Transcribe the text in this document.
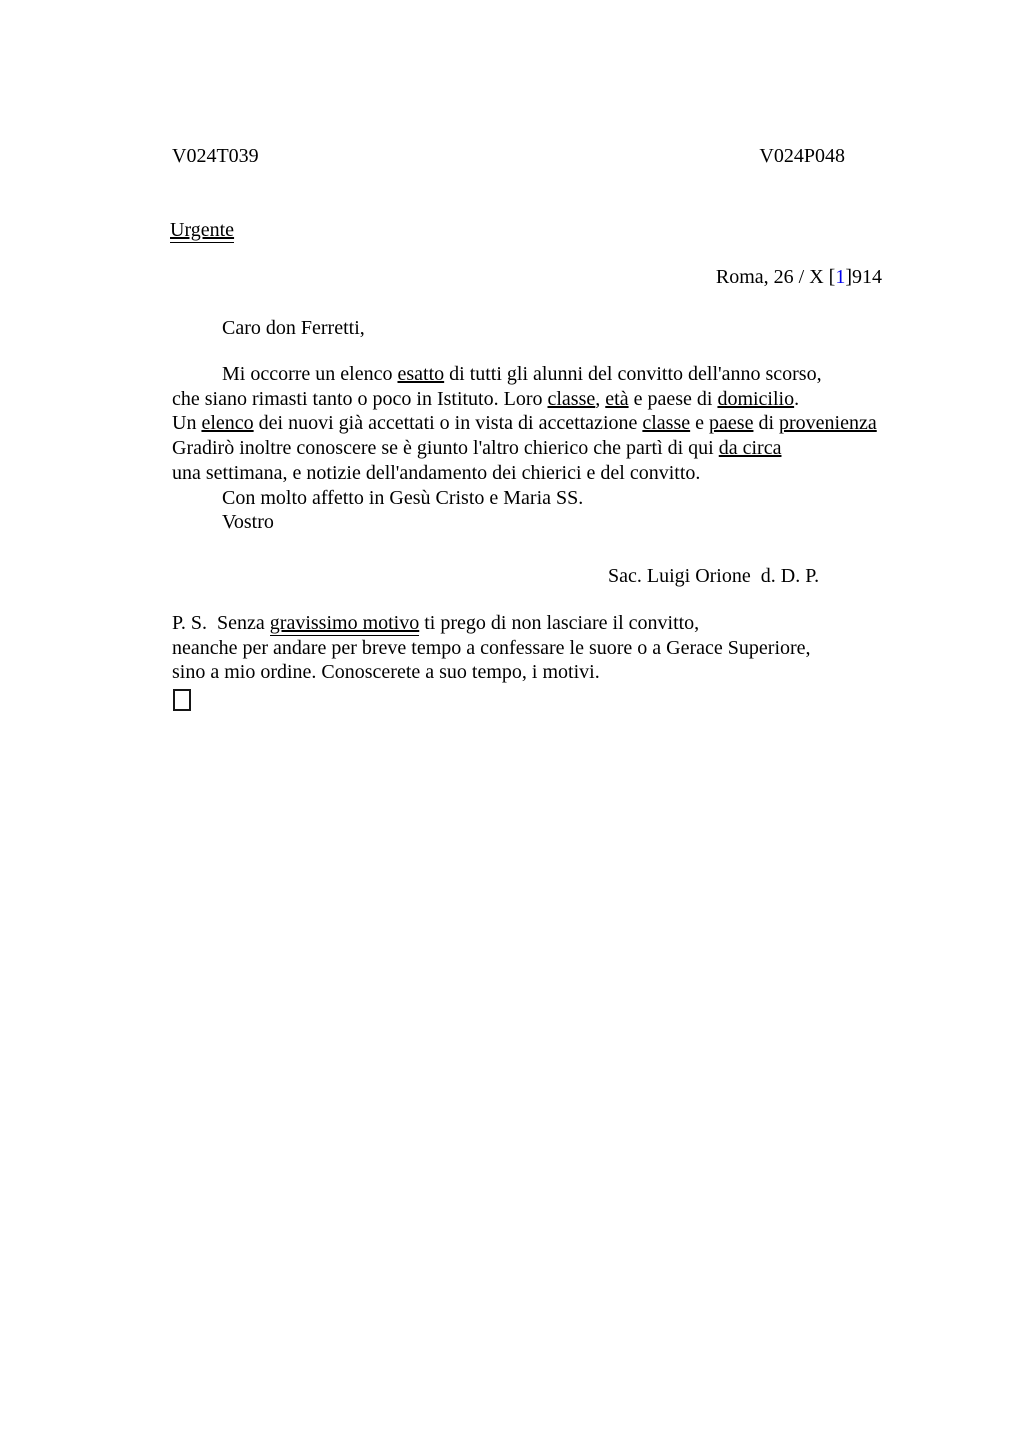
V024T039	V024P048
Urgente
Roma, 26 / X [1]914
Caro don Ferretti,
Mi occorre un elenco esatto di tutti gli alunni del convitto dell'anno scorso,
che siano rimasti tanto o poco in Istituto. Loro classe, età e paese di domicilio.
Un elenco dei nuovi già accettati o in vista di accettazione classe e paese di provenienza
Gradirò inoltre conoscere se è giunto l'altro chierico che partì di qui da circa
una settimana, e notizie dell'andamento dei chierici e del convitto.
Con molto affetto in Gesù Cristo e Maria SS.
Vostro
Sac. Luigi Orione  d. D. P.
P. S.  Senza gravissimo motivo ti prego di non lasciare il convitto,
neanche per andare per breve tempo a confessare le suore o a Gerace Superiore,
sino a mio ordine. Conoscerete a suo tempo, i motivi.
